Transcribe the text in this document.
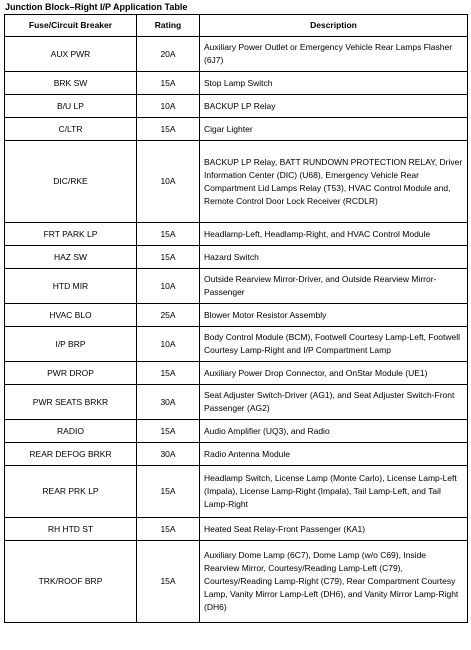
Junction Block–Right I/P Application Table
Fuse/Circuit Breaker	Rating	Description
AUX PWR	20A	Auxiliary Power Outlet or Emergency Vehicle Rear Lamps Flasher (6J7)
BRK SW	15A	Stop Lamp Switch
B/U LP	10A	BACKUP LP Relay
C/LTR	15A	Cigar Lighter
DIC/RKE	10A	BACKUP LP Relay, BATT RUNDOWN PROTECTION RELAY, Driver Information Center (DIC) (U68), Emergency Vehicle Rear Compartment Lid Lamps Relay (T53), HVAC Control Module and, Remote Control Door Lock Receiver (RCDLR)
FRT PARK LP	15A	Headlamp-Left, Headlamp-Right, and HVAC Control Module
HAZ SW	15A	Hazard Switch
HTD MIR	10A	Outside Rearview Mirror-Driver, and Outside Rearview Mirror-Passenger
HVAC BLO	25A	Blower Motor Resistor Assembly
I/P BRP	10A	Body Control Module (BCM), Footwell Courtesy Lamp-Left, Footwell Courtesy Lamp-Right and I/P Compartment Lamp
PWR DROP	15A	Auxiliary Power Drop Connector, and OnStar Module (UE1)
PWR SEATS BRKR	30A	Seat Adjuster Switch-Driver (AG1), and Seat Adjuster Switch-Front Passenger (AG2)
RADIO	15A	Audio Amplifier (UQ3), and Radio
REAR DEFOG BRKR	30A	Radio Antenna Module
REAR PRK LP	15A	Headlamp Switch, License Lamp (Monte Carlo), License Lamp-Left (Impala), License Lamp-Right (Impala), Tail Lamp-Left, and Tail Lamp-Right
RH HTD ST	15A	Heated Seat Relay-Front Passenger (KA1)
TRK/ROOF BRP	15A	Auxiliary Dome Lamp (6C7), Dome Lamp (w/o C69), Inside Rearview Mirror, Courtesy/Reading Lamp-Left (C79), Courtesy/Reading Lamp-Right (C79), Rear Compartment Courtesy Lamp, Vanity Mirror Lamp-Left (DH6), and Vanity Mirror Lamp-Right (DH6)
